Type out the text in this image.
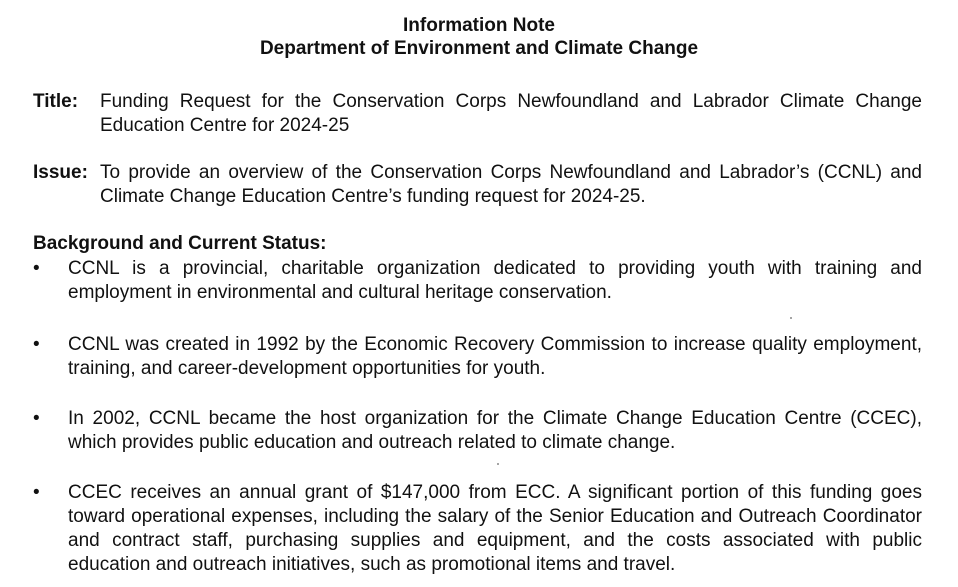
Information Note
Department of Environment and Climate Change
Title: Funding Request for the Conservation Corps Newfoundland and Labrador Climate Change Education Centre for 2024-25
Issue: To provide an overview of the Conservation Corps Newfoundland and Labrador’s (CCNL) and Climate Change Education Centre’s funding request for 2024-25.
Background and Current Status:
•	CCNL is a provincial, charitable organization dedicated to providing youth with training and employment in environmental and cultural heritage conservation.
•	CCNL was created in 1992 by the Economic Recovery Commission to increase quality employment, training, and career-development opportunities for youth.
•	In 2002, CCNL became the host organization for the Climate Change Education Centre (CCEC), which provides public education and outreach related to climate change.
•	CCEC receives an annual grant of $147,000 from ECC. A significant portion of this funding goes toward operational expenses, including the salary of the Senior Education and Outreach Coordinator and contract staff, purchasing supplies and equipment, and the costs associated with public education and outreach initiatives, such as promotional items and travel.
